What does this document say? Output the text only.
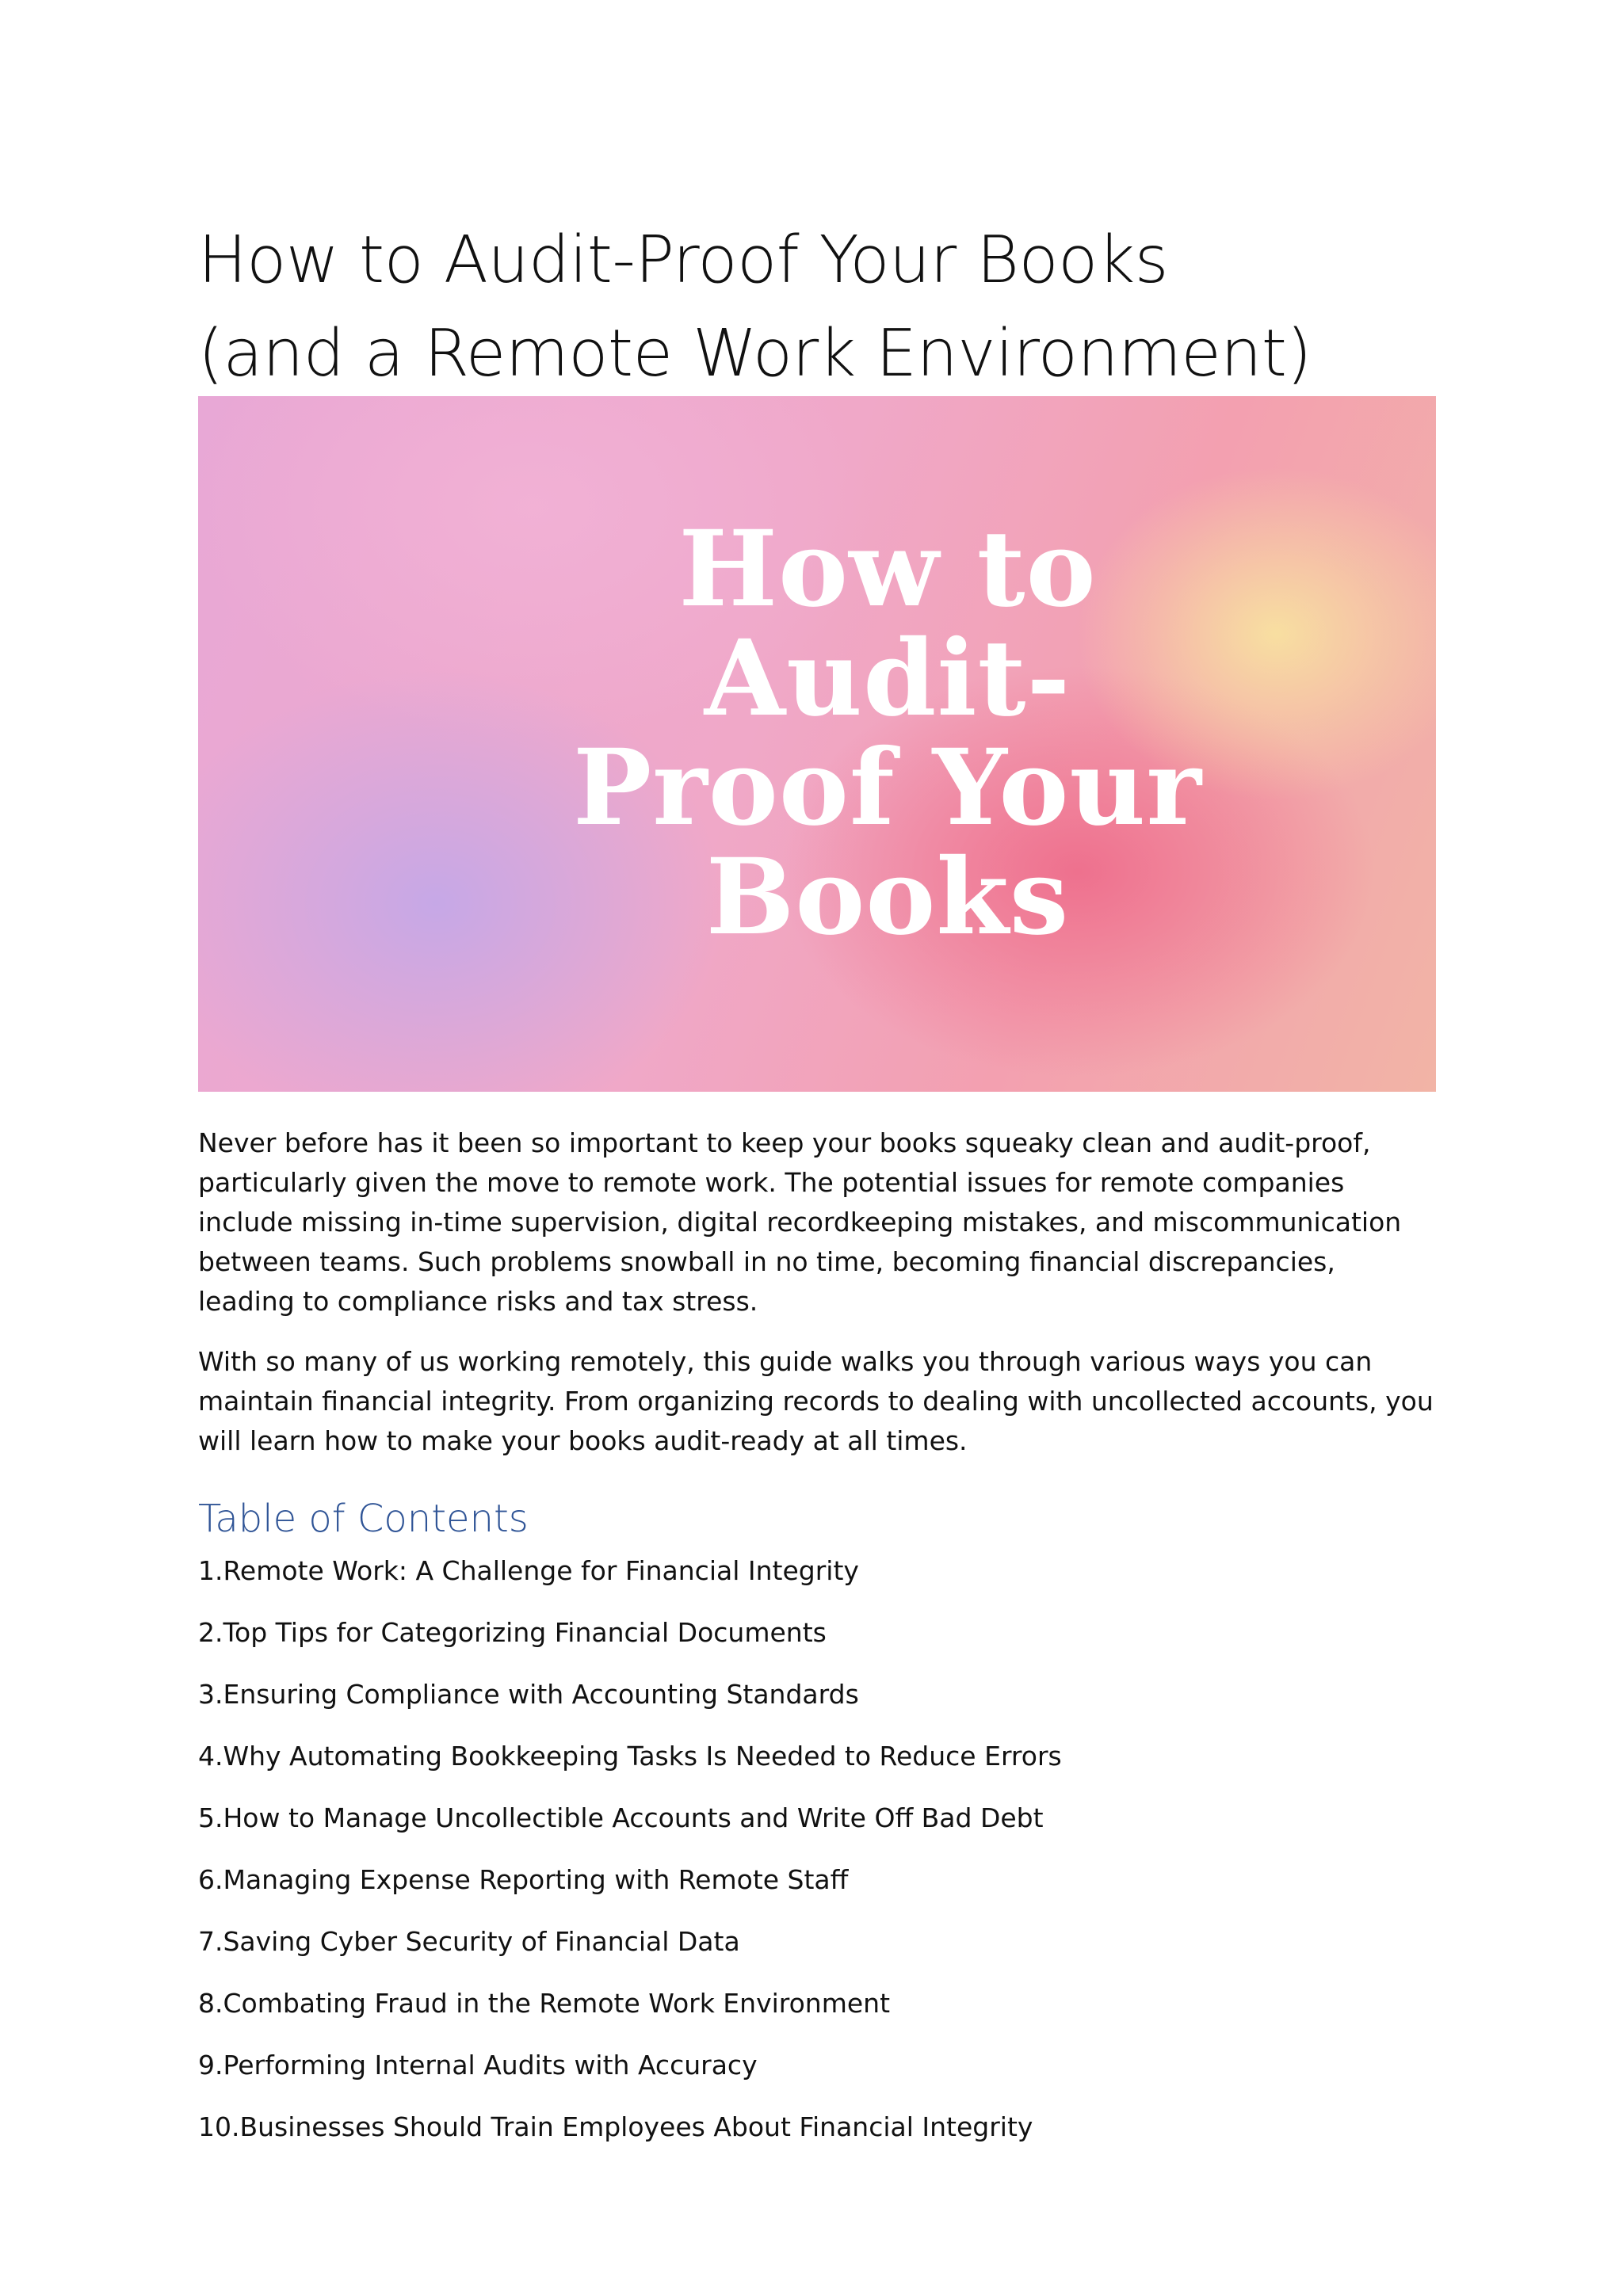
How to Audit-Proof Your Books
(and a Remote Work Environment)
How to
Audit-
Proof Your
Books

Never before has it been so important to keep your books squeaky clean and audit-proof, particularly given the move to remote work. The potential issues for remote companies include missing in-time supervision, digital recordkeeping mistakes, and miscommunication between teams. Such problems snowball in no time, becoming financial discrepancies, leading to compliance risks and tax stress.

With so many of us working remotely, this guide walks you through various ways you can maintain financial integrity. From organizing records to dealing with uncollected accounts, you will learn how to make your books audit-ready at all times.

Table of Contents
1.Remote Work: A Challenge for Financial Integrity
2.Top Tips for Categorizing Financial Documents
3.Ensuring Compliance with Accounting Standards
4.Why Automating Bookkeeping Tasks Is Needed to Reduce Errors
5.How to Manage Uncollectible Accounts and Write Off Bad Debt
6.Managing Expense Reporting with Remote Staff
7.Saving Cyber Security of Financial Data
8.Combating Fraud in the Remote Work Environment
9.Performing Internal Audits with Accuracy
10.Businesses Should Train Employees About Financial Integrity
